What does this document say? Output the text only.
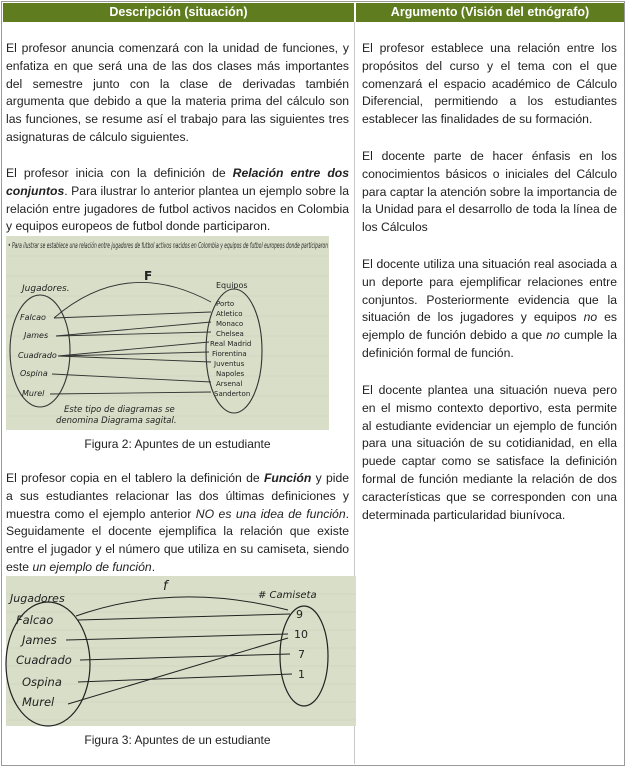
Descripción (situación)	Argumento (Visión del etnógrafo)
El profesor anuncia comenzará con la unidad de funciones, y enfatiza en que será una de las dos clases más importantes del semestre junto con la clase de derivadas también argumenta que debido a que la materia prima del cálculo son las funciones, se resume así el trabajo para las siguientes tres asignaturas de cálculo siguientes.
El profesor inicia con la definición de Relación entre dos conjuntos. Para ilustrar lo anterior plantea un ejemplo sobre la relación entre jugadores de futbol activos nacidos en Colombia y equipos europeos de futbol donde participaron.
• Para ilustrar se establece una relación entre jugadores de futbol activos nacidos en Colombia y equipos de futbol europeos donde participaron
F
Jugadores.	Equipos
Falcao
James
Cuadrado
Ospina
Murel
Porto
Atletico
Monaco
Chelsea
Real Madrid
Fiorentina
Juventus
Napoles
Arsenal
Sanderton
Este tipo de diagramas se denomina Diagrama sagital.
Figura 2: Apuntes de un estudiante
El profesor copia en el tablero la definición de Función y pide a sus estudiantes relacionar las dos últimas definiciones y muestra como el ejemplo anterior NO es una idea de función. Seguidamente el docente ejemplifica la relación que existe entre el jugador y el número que utiliza en su camiseta, siendo este un ejemplo de función.
f
Jugadores	# Camiseta
Falcao
James
Cuadrado
Ospina
Murel
9
10
7
1
Figura 3: Apuntes de un estudiante
El profesor establece una relación entre los propósitos del curso y el tema con el que comenzará el espacio académico de Cálculo Diferencial, permitiendo a los estudiantes establecer las finalidades de su formación.
El docente parte de hacer énfasis en los conocimientos básicos o iniciales del Cálculo para captar la atención sobre la importancia de la Unidad para el desarrollo de toda la línea de los Cálculos
El docente utiliza una situación real asociada a un deporte para ejemplificar relaciones entre conjuntos. Posteriormente evidencia que la situación de los jugadores y equipos no es ejemplo de función debido a que no cumple la definición formal de función.
El docente plantea una situación nueva pero en el mismo contexto deportivo, esta permite al estudiante evidenciar un ejemplo de función para una situación de su cotidianidad, en ella puede captar como se satisface la definición formal de función mediante la relación de dos características que se corresponden con una determinada particularidad biunívoca.
